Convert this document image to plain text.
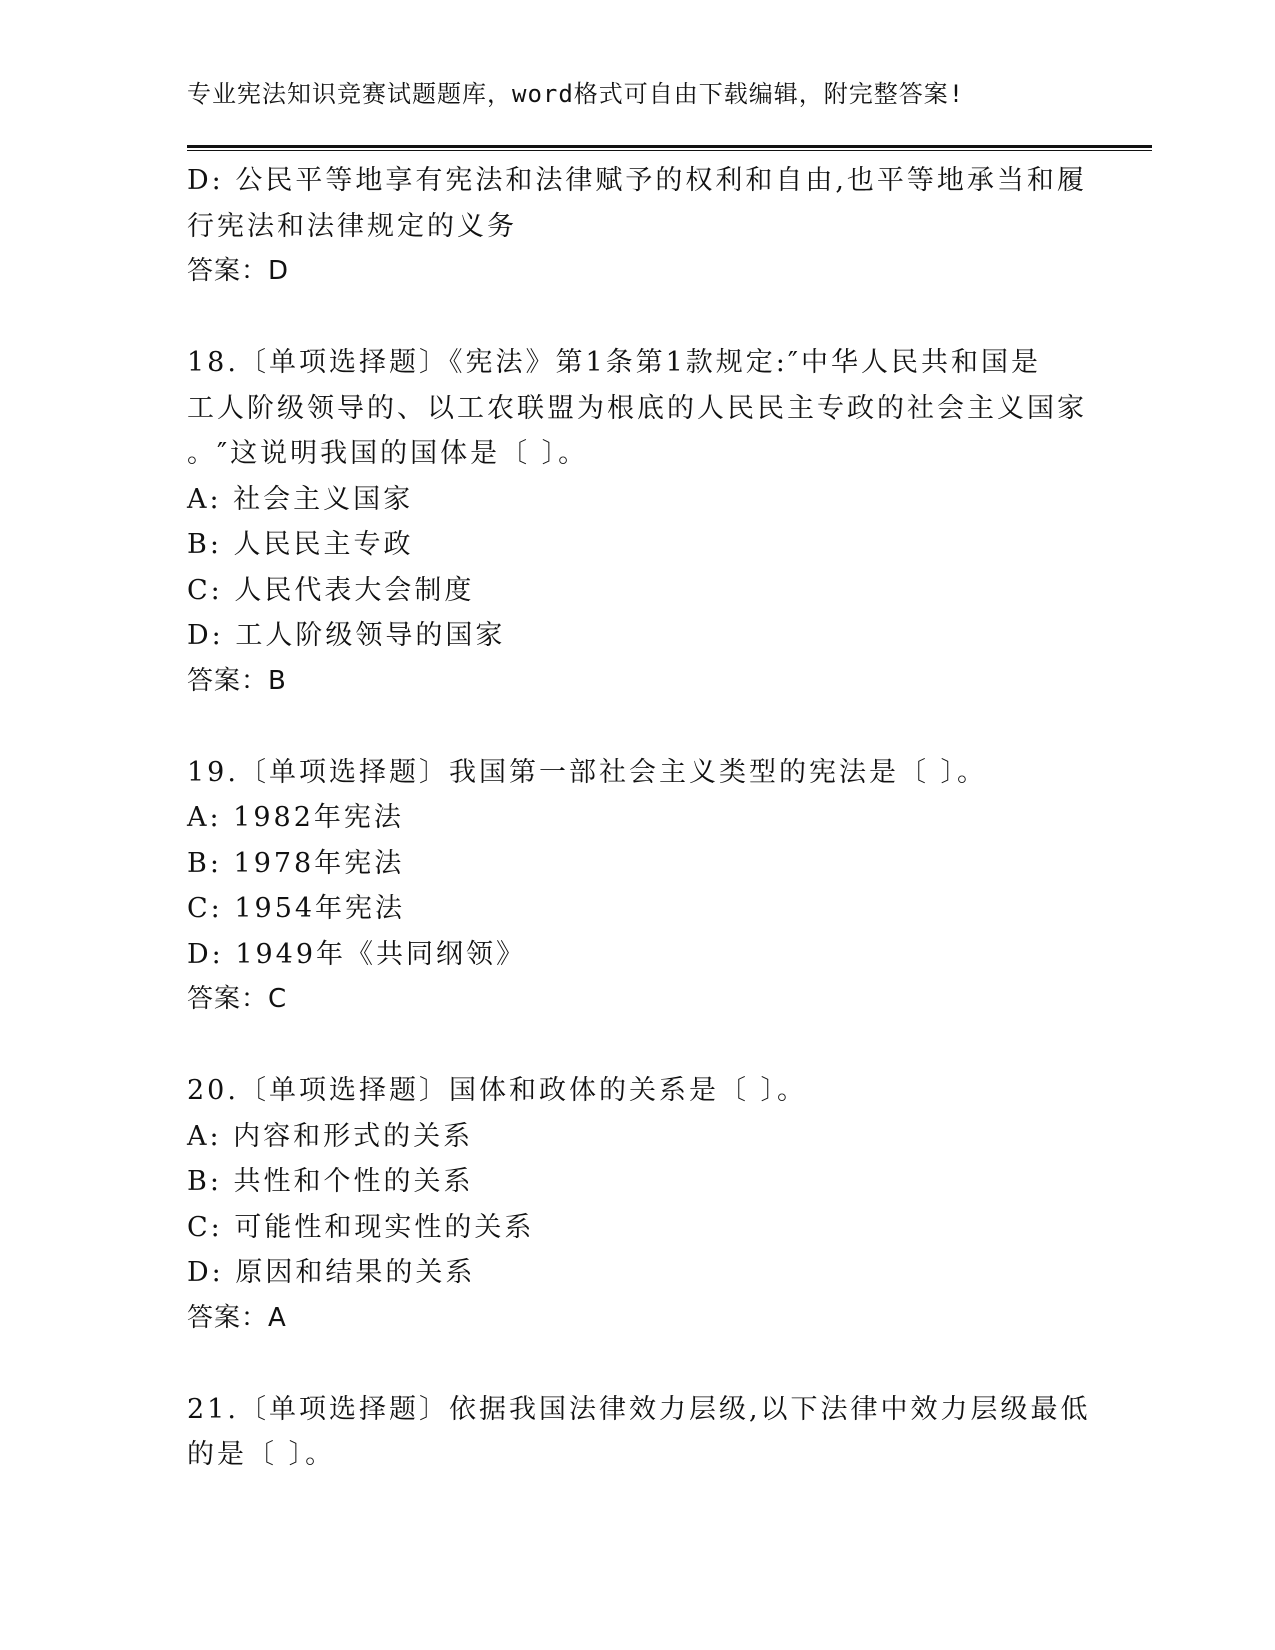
专业宪法知识竞赛试题题库，word格式可自由下载编辑，附完整答案!
D: 公民平等地享有宪法和法律赋予的权利和自由,也平等地承当和履
行宪法和法律规定的义务
答案：D
18.〔单项选择题〕《宪法》第1条第1款规定:″中华人民共和国是
工人阶级领导的、以工农联盟为根底的人民民主专政的社会主义国家
。″这说明我国的国体是〔 〕。
A: 社会主义国家
B: 人民民主专政
C: 人民代表大会制度
D: 工人阶级领导的国家
答案：B
19.〔单项选择题〕我国第一部社会主义类型的宪法是〔 〕。
A: 1982年宪法
B: 1978年宪法
C: 1954年宪法
D: 1949年《共同纲领》
答案：C
20.〔单项选择题〕国体和政体的关系是〔 〕。
A: 内容和形式的关系
B: 共性和个性的关系
C: 可能性和现实性的关系
D: 原因和结果的关系
答案：A
21.〔单项选择题〕依据我国法律效力层级,以下法律中效力层级最低
的是〔 〕。
